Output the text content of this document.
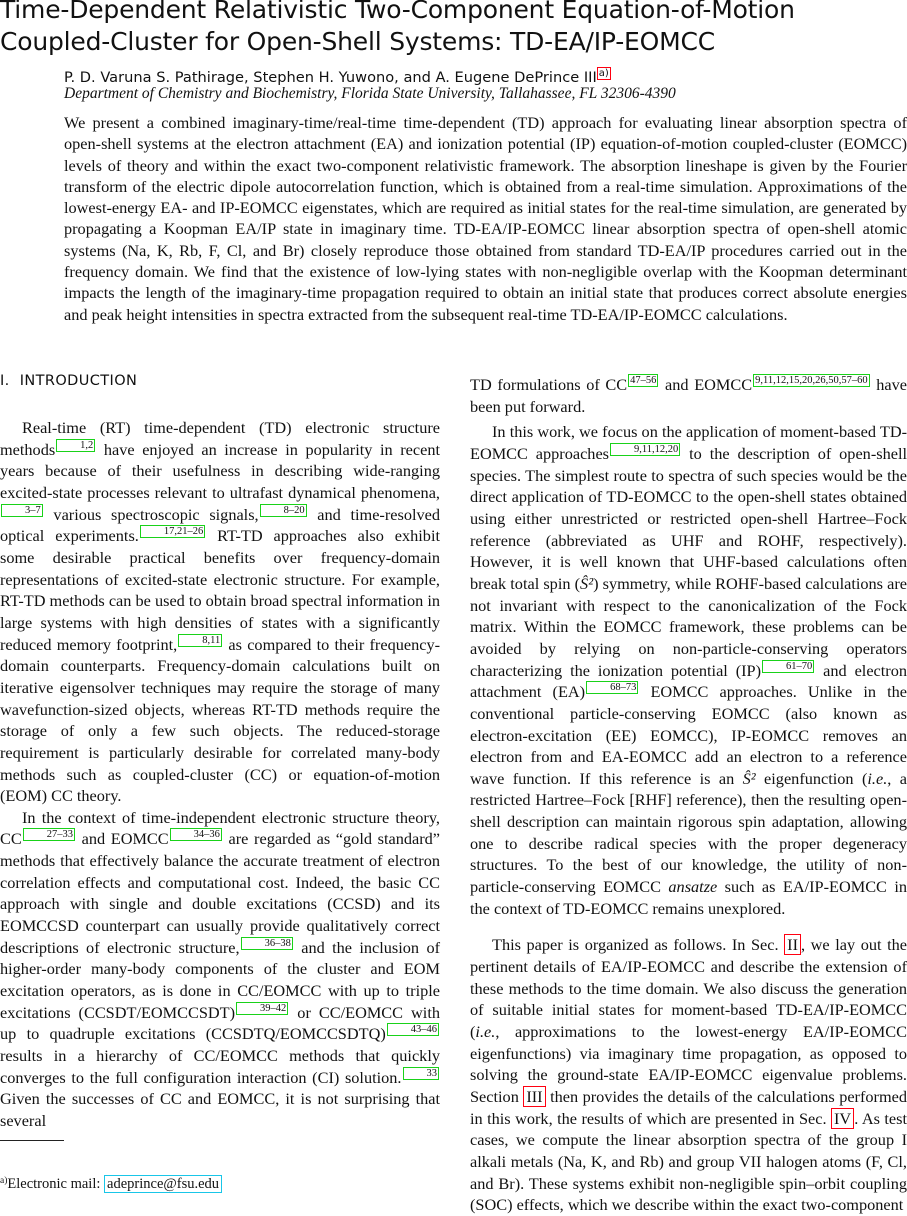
Time-Dependent Relativistic Two-Component Equation-of-Motion
Coupled-Cluster for Open-Shell Systems: TD-EA/IP-EOMCC
P. D. Varuna S. Pathirage, Stephen H. Yuwono, and A. Eugene DePrince III $^{a)}$
Department of Chemistry and Biochemistry, Florida State University, Tallahassee, FL 32306-4390

We present a combined imaginary-time/real-time time-dependent (TD) approach for evaluating linear absorption spectra of open-shell systems at the electron attachment (EA) and ionization potential (IP) equation-of-motion coupled-cluster (EOMCC) levels of theory and within the exact two-component relativistic framework. The absorption lineshape is given by the Fourier transform of the electric dipole autocorrelation function, which is obtained from a real-time simulation. Approximations of the lowest-energy EA- and IP-EOMCC eigenstates, which are required as initial states for the real-time simulation, are generated by propagating a Koopman EA/IP state in imaginary time. TD-EA/IP-EOMCC linear absorption spectra of open-shell atomic systems (Na, K, Rb, F, Cl, and Br) closely reproduce those obtained from standard TD-EA/IP procedures carried out in the frequency domain. We find that the existence of low-lying states with non-negligible overlap with the Koopman determinant impacts the length of the imaginary-time propagation required to obtain an initial state that produces correct absolute energies and peak height intensities in spectra extracted from the subsequent real-time TD-EA/IP-EOMCC calculations.

I. INTRODUCTION

Real-time (RT) time-dependent (TD) electronic structure methods 1,2 have enjoyed an increase in popularity in recent years because of their usefulness in describing wide-ranging excited-state processes relevant to ultrafast dynamical phenomena,3–7 various spectroscopic signals, 8–20 and time-resolved optical experiments. 17,21–26 RT-TD approaches also exhibit some desirable practical benefits over frequency-domain representations of excited-state electronic structure. For example, RT-TD methods can be used to obtain broad spectral information in large systems with high densities of states with a significantly reduced memory footprint, 8,11 as compared to their frequency-domain counterparts. Frequency-domain calculations built on iterative eigensolver techniques may require the storage of many wavefunction-sized objects, whereas RT-TD methods require the storage of only a few such objects. The reduced-storage requirement is particularly desirable for correlated many-body methods such as coupled-cluster (CC) or equation-of-motion (EOM) CC theory.

In the context of time-independent electronic structure theory, CC 27–33 and EOMCC 34–36 are regarded as “gold standard” methods that effectively balance the accurate treatment of electron correlation effects and computational cost. Indeed, the basic CC approach with single and double excitations (CCSD) and its EOMCCSD counterpart can usually provide qualitatively correct descriptions of electronic structure, 36–38 and the inclusion of higher-order many-body components of the cluster and EOM excitation operators, as is done in CC/EOMCC with up to triple excitations (CCSDT/EOMCCSDT) 39–42 or CC/EOMCC with up to quadruple excitations (CCSDTQ/EOMCCSDTQ) 43–46 results in a hierarchy of CC/EOMCC methods that quickly converges to the full configuration interaction (CI) solution. 33 Given the successes of CC and EOMCC, it is not surprising that several

TD formulations of CC 47–56 and EOMCC 9,11,12,15,20,26,50,57–60 have been put forward.

In this work, we focus on the application of moment-based TD-EOMCC approaches 9,11,12,20 to the description of open-shell species. The simplest route to spectra of such species would be the direct application of TD-EOMCC to the open-shell states obtained using either unrestricted or restricted open-shell Hartree–Fock reference (abbreviated as UHF and ROHF, respectively). However, it is well known that UHF-based calculations often break total spin (Ŝ²) symmetry, while ROHF-based calculations are not invariant with respect to the canonicalization of the Fock matrix. Within the EOMCC framework, these problems can be avoided by relying on non-particle-conserving operators characterizing the ionization potential (IP) 61–70 and electron attachment (EA) 68–73 EOMCC approaches. Unlike in the conventional particle-conserving EOMCC (also known as electron-excitation (EE) EOMCC), IP-EOMCC removes an electron from and EA-EOMCC add an electron to a reference wave function. If this reference is an Ŝ² eigenfunction (i.e., a restricted Hartree–Fock [RHF] reference), then the resulting open-shell description can maintain rigorous spin adaptation, allowing one to describe radical species with the proper degeneracy structures. To the best of our knowledge, the utility of non-particle-conserving EOMCC ansatze such as EA/IP-EOMCC in the context of TD-EOMCC remains unexplored.

This paper is organized as follows. In Sec. II , we lay out the pertinent details of EA/IP-EOMCC and describe the extension of these methods to the time domain. We also discuss the generation of suitable initial states for moment-based TD-EA/IP-EOMCC (i.e., approximations to the lowest-energy EA/IP-EOMCC eigenfunctions) via imaginary time propagation, as opposed to solving the ground-state EA/IP-EOMCC eigenvalue problems. Section III then provides the details of the calculations performed in this work, the results of which are presented in Sec. IV . As test cases, we compute the linear absorption spectra of the group I alkali metals (Na, K, and Rb) and group VII halogen atoms (F, Cl, and Br). These systems exhibit non-negligible spin–orbit coupling (SOC) effects, which we describe within the exact two-component

$^{a)}$Electronic mail: adeprince@fsu.edu
